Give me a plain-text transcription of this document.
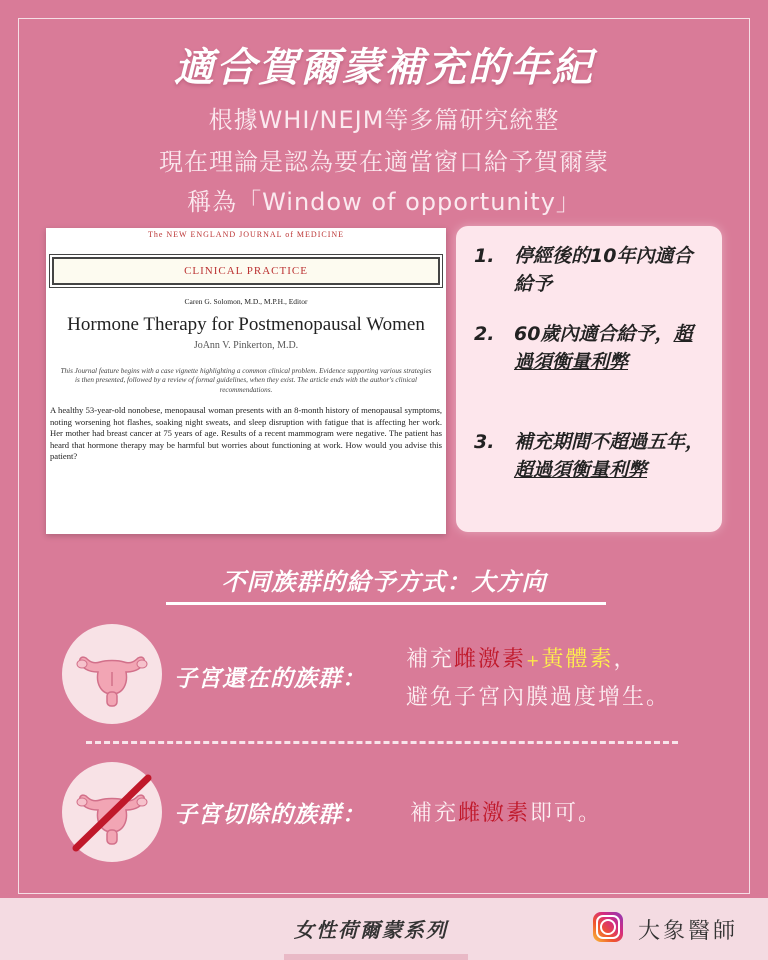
適合賀爾蒙補充的年紀
根據WHI/NEJM等多篇研究統整
現在理論是認為要在適當窗口給予賀爾蒙
稱為「Window of opportunity」
The NEW ENGLAND JOURNAL of MEDICINE
CLINICAL PRACTICE
Caren G. Solomon, M.D., M.P.H., Editor
Hormone Therapy for Postmenopausal Women
JoAnn V. Pinkerton, M.D.
This Journal feature begins with a case vignette highlighting a common clinical problem. Evidence supporting various strategies is then presented, followed by a review of formal guidelines, when they exist. The article ends with the author's clinical recommendations.
A healthy 53-year-old nonobese, menopausal woman presents with an 8-month history of menopausal symptoms, noting worsening hot flashes, soaking night sweats, and sleep disruption with fatigue that is affecting her work. Her mother had breast cancer at 75 years of age. Results of a recent mammogram were negative. The patient has heard that hormone therapy may be harmful but worries about functioning at work. How would you advise this patient?
1.	停經後的10年內適合給予
2.	60歲內適合給予，超過須衡量利弊
3.	補充期間不超過五年，超過須衡量利弊
不同族群的給予方式：大方向
子宮還在的族群：
補充雌激素+黃體素，
避免子宮內膜過度增生。
子宮切除的族群： 補充雌激素即可。
女性荷爾蒙系列	大象醫師
